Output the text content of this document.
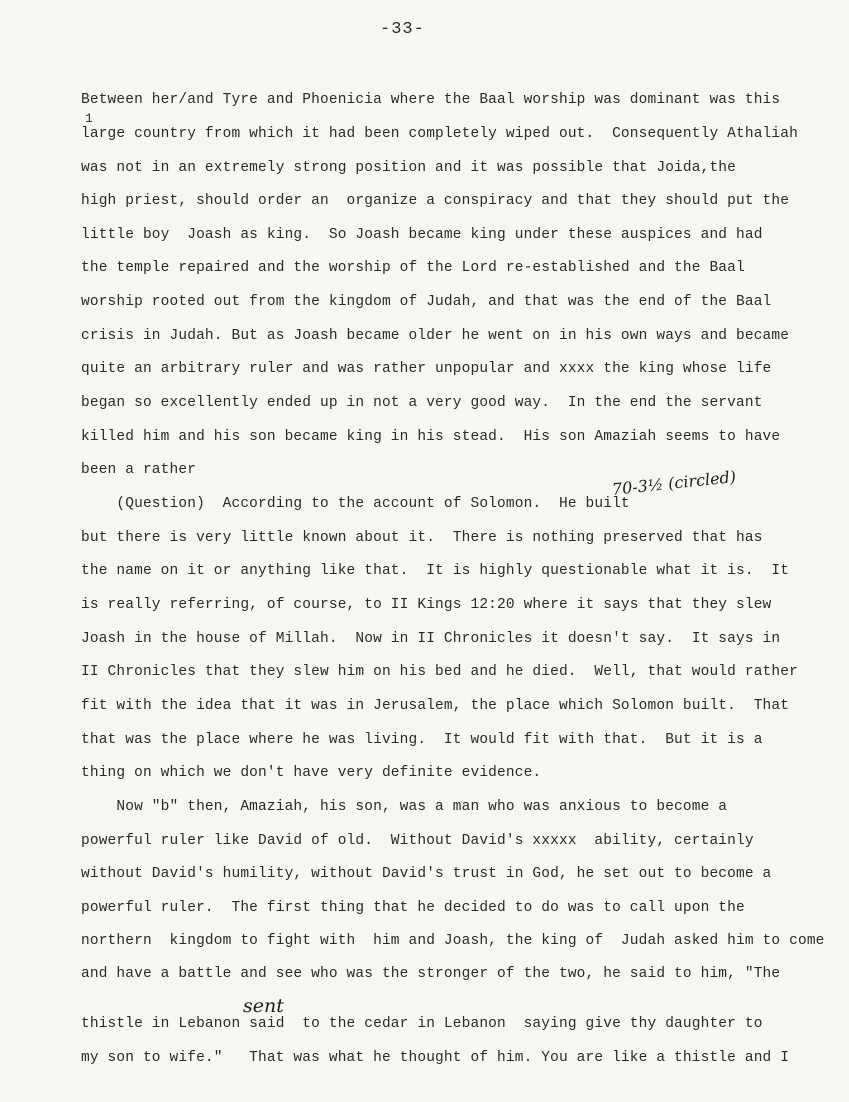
-33-
1
70-3½ (circled)
sent
Between her/and Tyre and Phoenicia where the Baal worship was dominant was this
large country from which it had been completely wiped out.  Consequently Athaliah
was not in an extremely strong position and it was possible that Joida,the
high priest, should order an  organize a conspiracy and that they should put the
little boy  Joash as king.  So Joash became king under these auspices and had
the temple repaired and the worship of the Lord re-established and the Baal
worship rooted out from the kingdom of Judah, and that was the end of the Baal
crisis in Judah. But as Joash became older he went on in his own ways and became
quite an arbitrary ruler and was rather unpopular and xxxx the king whose life
began so excellently ended up in not a very good way.  In the end the servant
killed him and his son became king in his stead.  His son Amaziah seems to have
been a rather
(Question)  According to the account of Solomon.  He built
but there is very little known about it.  There is nothing preserved that has
the name on it or anything like that.  It is highly questionable what it is.  It
is really referring, of course, to II Kings 12:20 where it says that they slew
Joash in the house of Millah.  Now in II Chronicles it doesn't say.  It says in
II Chronicles that they slew him on his bed and he died.  Well, that would rather
fit with the idea that it was in Jerusalem, the place which Solomon built.  That
that was the place where he was living.  It would fit with that.  But it is a
thing on which we don't have very definite evidence.
Now "b" then, Amaziah, his son, was a man who was anxious to become a
powerful ruler like David of old.  Without David's xxxxx  ability, certainly
without David's humility, without David's trust in God, he set out to become a
powerful ruler.  The first thing that he decided to do was to call upon the
northern  kingdom to fight with  him and Joash, the king of  Judah asked him to come
and have a battle and see who was the stronger of the two, he said to him, "The
thistle in Lebanon said  to the cedar in Lebanon  saying give thy daughter to
my son to wife."   That was what he thought of him. You are like a thistle and I
